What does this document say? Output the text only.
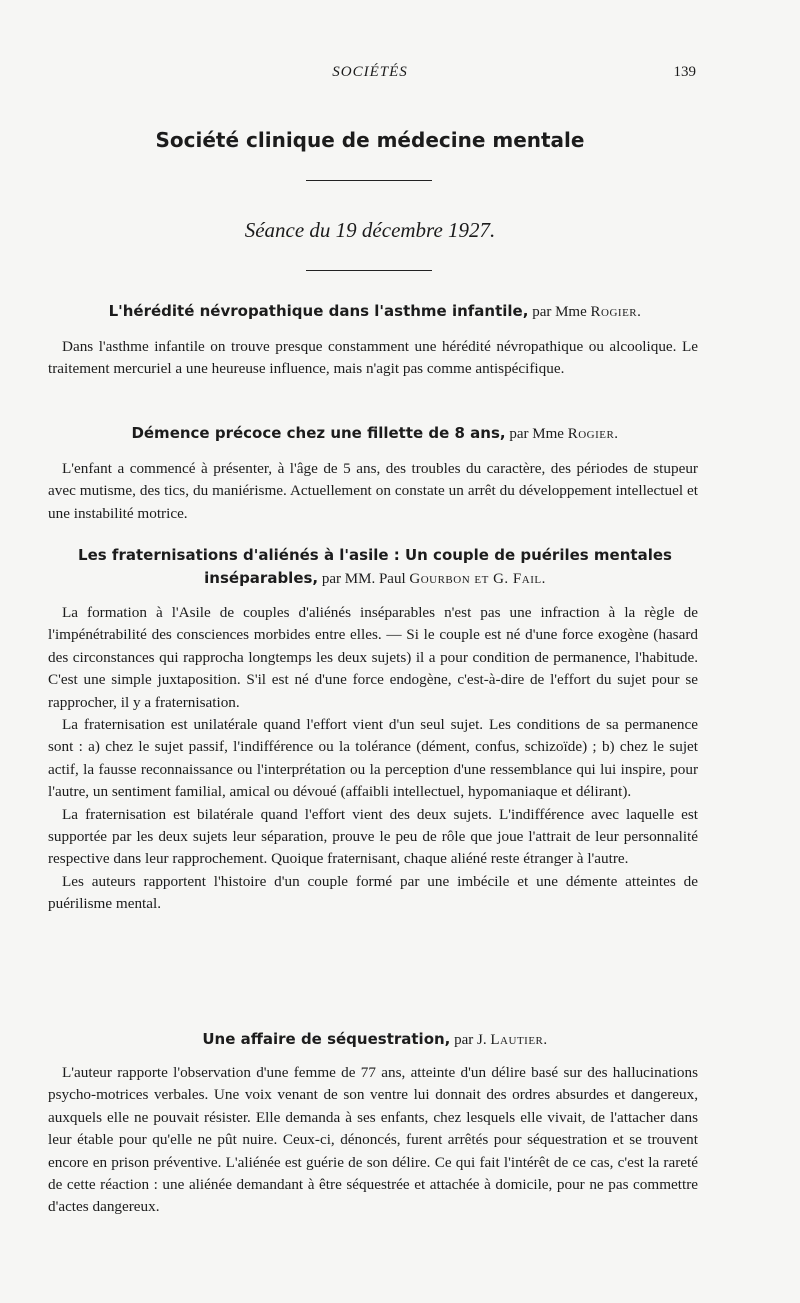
SOCIÉTÉS	139
Société clinique de médecine mentale
Séance du 19 décembre 1927.
L'hérédité névropathique dans l'asthme infantile, par Mme Rogier.

Dans l'asthme infantile on trouve presque constamment une hérédité névropathique ou alcoolique. Le traitement mercuriel a une heureuse influence, mais n'agit pas comme antispécifique.

Démence précoce chez une fillette de 8 ans, par Mme Rogier.

L'enfant a commencé à présenter, à l'âge de 5 ans, des troubles du caractère, des périodes de stupeur avec mutisme, des tics, du maniérisme. Actuellement on constate un arrêt du développement intellectuel et une instabilité motrice.

Les fraternisations d'aliénés à l'asile : Un couple de puériles mentales inséparables, par MM. Paul Gourbon et G. Fail.

La formation à l'Asile de couples d'aliénés inséparables n'est pas une infraction à la règle de l'impénétrabilité des consciences morbides entre elles. — Si le couple est né d'une force exogène (hasard des circonstances qui rapprocha longtemps les deux sujets) il a pour condition de permanence, l'habitude. C'est une simple juxtaposition. S'il est né d'une force endogène, c'est-à-dire de l'effort du sujet pour se rapprocher, il y a fraternisation.

La fraternisation est unilatérale quand l'effort vient d'un seul sujet. Les conditions de sa permanence sont : a) chez le sujet passif, l'indifférence ou la tolérance (dément, confus, schizoïde) ; b) chez le sujet actif, la fausse reconnaissance ou l'interprétation ou la perception d'une ressemblance qui lui inspire, pour l'autre, un sentiment familial, amical ou dévoué (affaibli intellectuel, hypomaniaque et délirant).

La fraternisation est bilatérale quand l'effort vient des deux sujets. L'indifférence avec laquelle est supportée par les deux sujets leur séparation, prouve le peu de rôle que joue l'attrait de leur personnalité respective dans leur rapprochement. Quoique fraternisant, chaque aliéné reste étranger à l'autre.

Les auteurs rapportent l'histoire d'un couple formé par une imbécile et une démente atteintes de puérilisme mental.

Une affaire de séquestration, par J. Lautier.

L'auteur rapporte l'observation d'une femme de 77 ans, atteinte d'un délire basé sur des hallucinations psycho-motrices verbales. Une voix venant de son ventre lui donnait des ordres absurdes et dangereux, auxquels elle ne pouvait résister. Elle demanda à ses enfants, chez lesquels elle vivait, de l'attacher dans leur étable pour qu'elle ne pût nuire. Ceux-ci, dénoncés, furent arrêtés pour séquestration et se trouvent encore en prison préventive. L'aliénée est guérie de son délire. Ce qui fait l'intérêt de ce cas, c'est la rareté de cette réaction : une aliénée demandant à être séquestrée et attachée à domicile, pour ne pas commettre d'actes dangereux.
